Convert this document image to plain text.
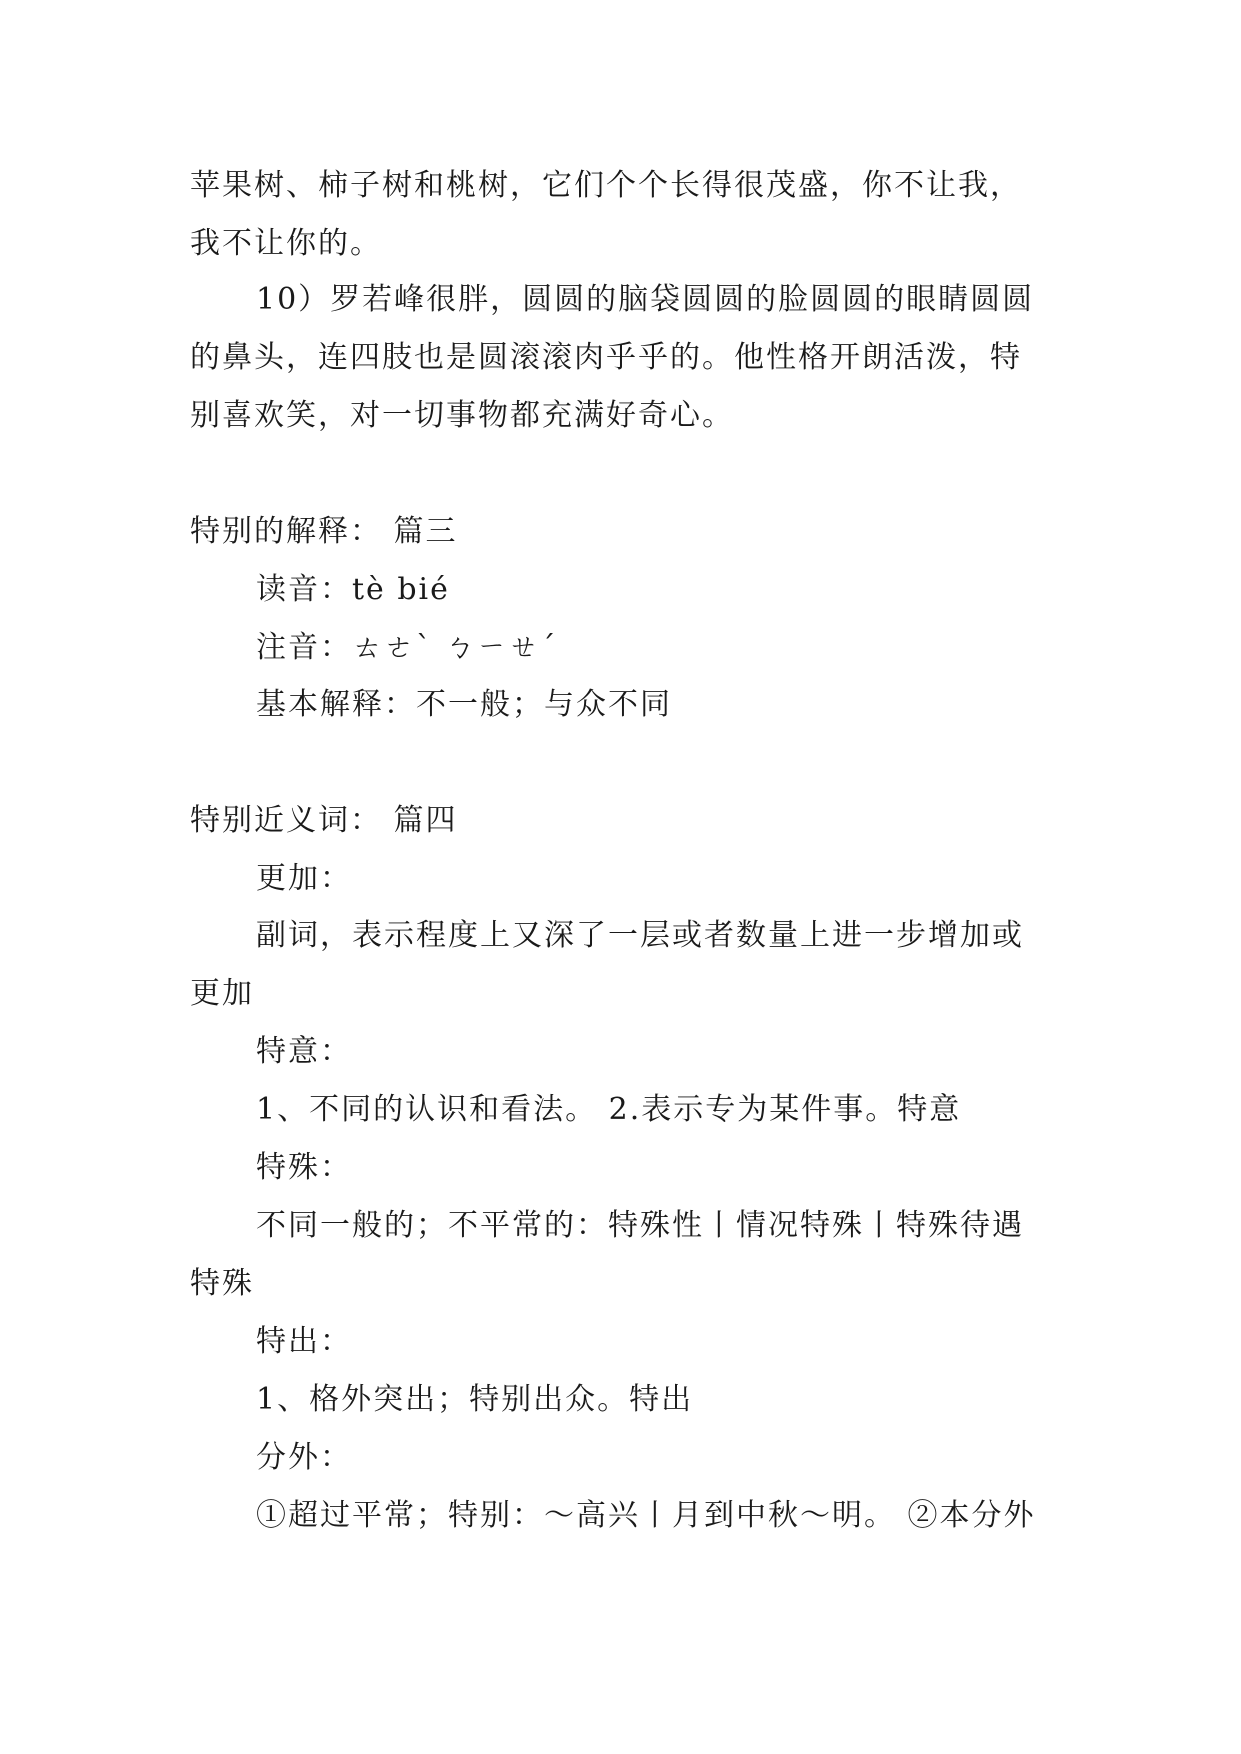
苹果树、柿子树和桃树，它们个个长得很茂盛，你不让我，
我不让你的。
10）罗若峰很胖，圆圆的脑袋圆圆的脸圆圆的眼睛圆圆
的鼻头，连四肢也是圆滚滚肉乎乎的。他性格开朗活泼，特
别喜欢笑，对一切事物都充满好奇心。
特别的解释： 篇三
读音：tè bié
注音：ㄊㄜˋ ㄅㄧㄝˊ
基本解释：不一般；与众不同
特别近义词： 篇四
更加：
副词，表示程度上又深了一层或者数量上进一步增加或
更加
特意：
1、不同的认识和看法。 2.表示专为某件事。特意
特殊：
不同一般的；不平常的：特殊性丨情况特殊丨特殊待遇
特殊
特出：
1、格外突出；特别出众。特出
分外：
①超过平常；特别：～高兴丨月到中秋～明。 ②本分外
